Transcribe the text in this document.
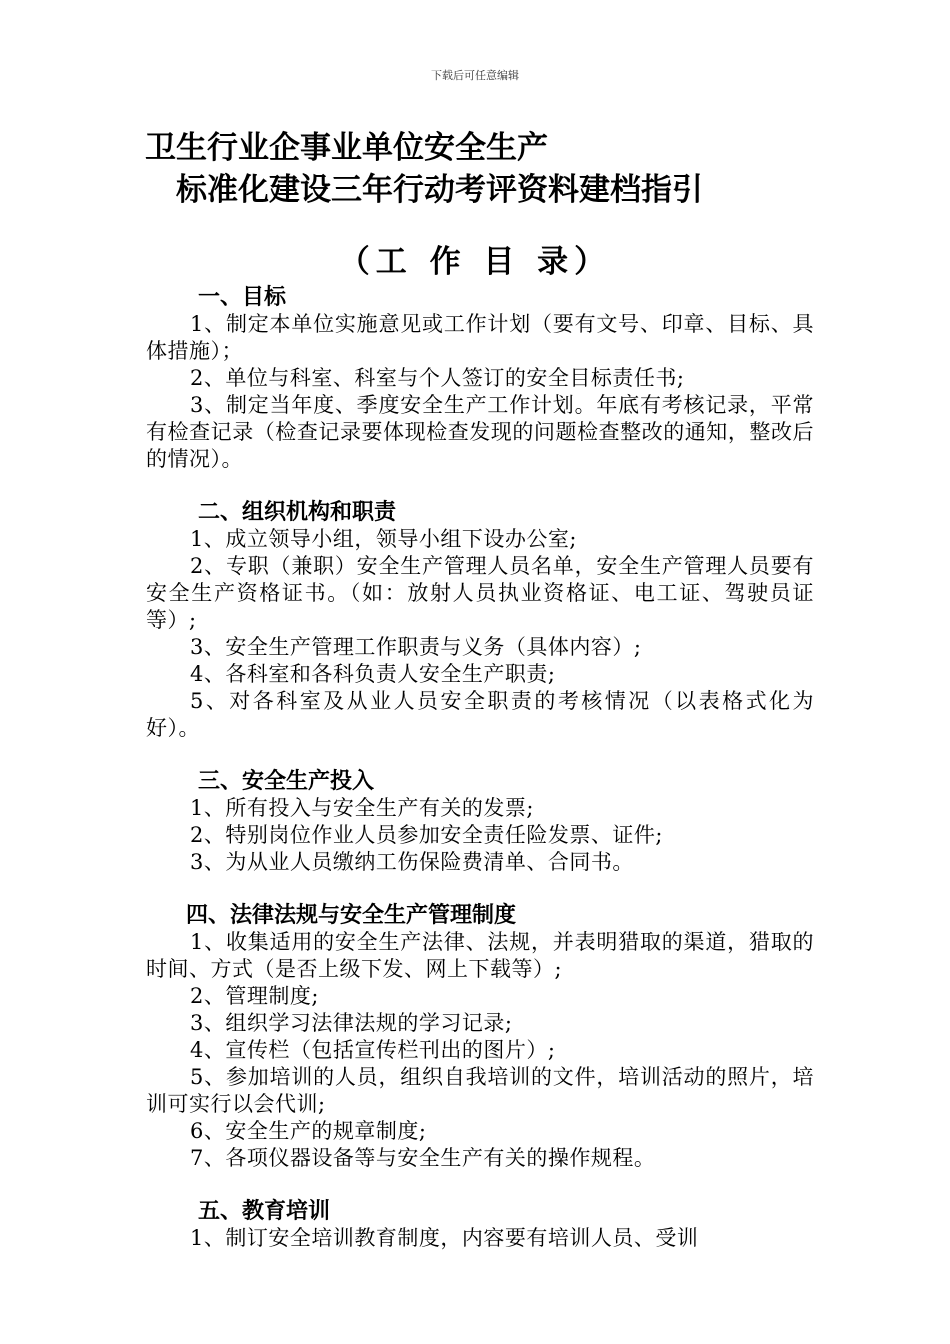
下载后可任意编辑
卫生行业企事业单位安全生产
标准化建设三年行动考评资料建档指引
（工 作 目 录）
一、目标
1、制定本单位实施意见或工作计划（要有文号、印章、目标、具体措施）；
2、单位与科室、科室与个人签订的安全目标责任书;
3、制定当年度、季度安全生产工作计划。年底有考核记录，平常有检查记录（检查记录要体现检查发现的问题检查整改的通知，整改后的情况）。
二、组织机构和职责
1、成立领导小组，领导小组下设办公室;
2、专职（兼职）安全生产管理人员名单，安全生产管理人员要有安全生产资格证书。（如：放射人员执业资格证、电工证、驾驶员证等）;
3、安全生产管理工作职责与义务（具体内容）;
4、各科室和各科负责人安全生产职责;
5、对各科室及从业人员安全职责的考核情况（以表格式化为好）。
三、安全生产投入
1、所有投入与安全生产有关的发票;
2、特别岗位作业人员参加安全责任险发票、证件;
3、为从业人员缴纳工伤保险费清单、合同书。
四、法律法规与安全生产管理制度
1、收集适用的安全生产法律、法规，并表明猎取的渠道，猎取的时间、方式（是否上级下发、网上下载等）;
2、管理制度;
3、组织学习法律法规的学习记录;
4、宣传栏（包括宣传栏刊出的图片）;
5、参加培训的人员，组织自我培训的文件，培训活动的照片，培训可实行以会代训;
6、安全生产的规章制度;
7、各项仪器设备等与安全生产有关的操作规程。
五、教育培训
1、制订安全培训教育制度，内容要有培训人员、受训
